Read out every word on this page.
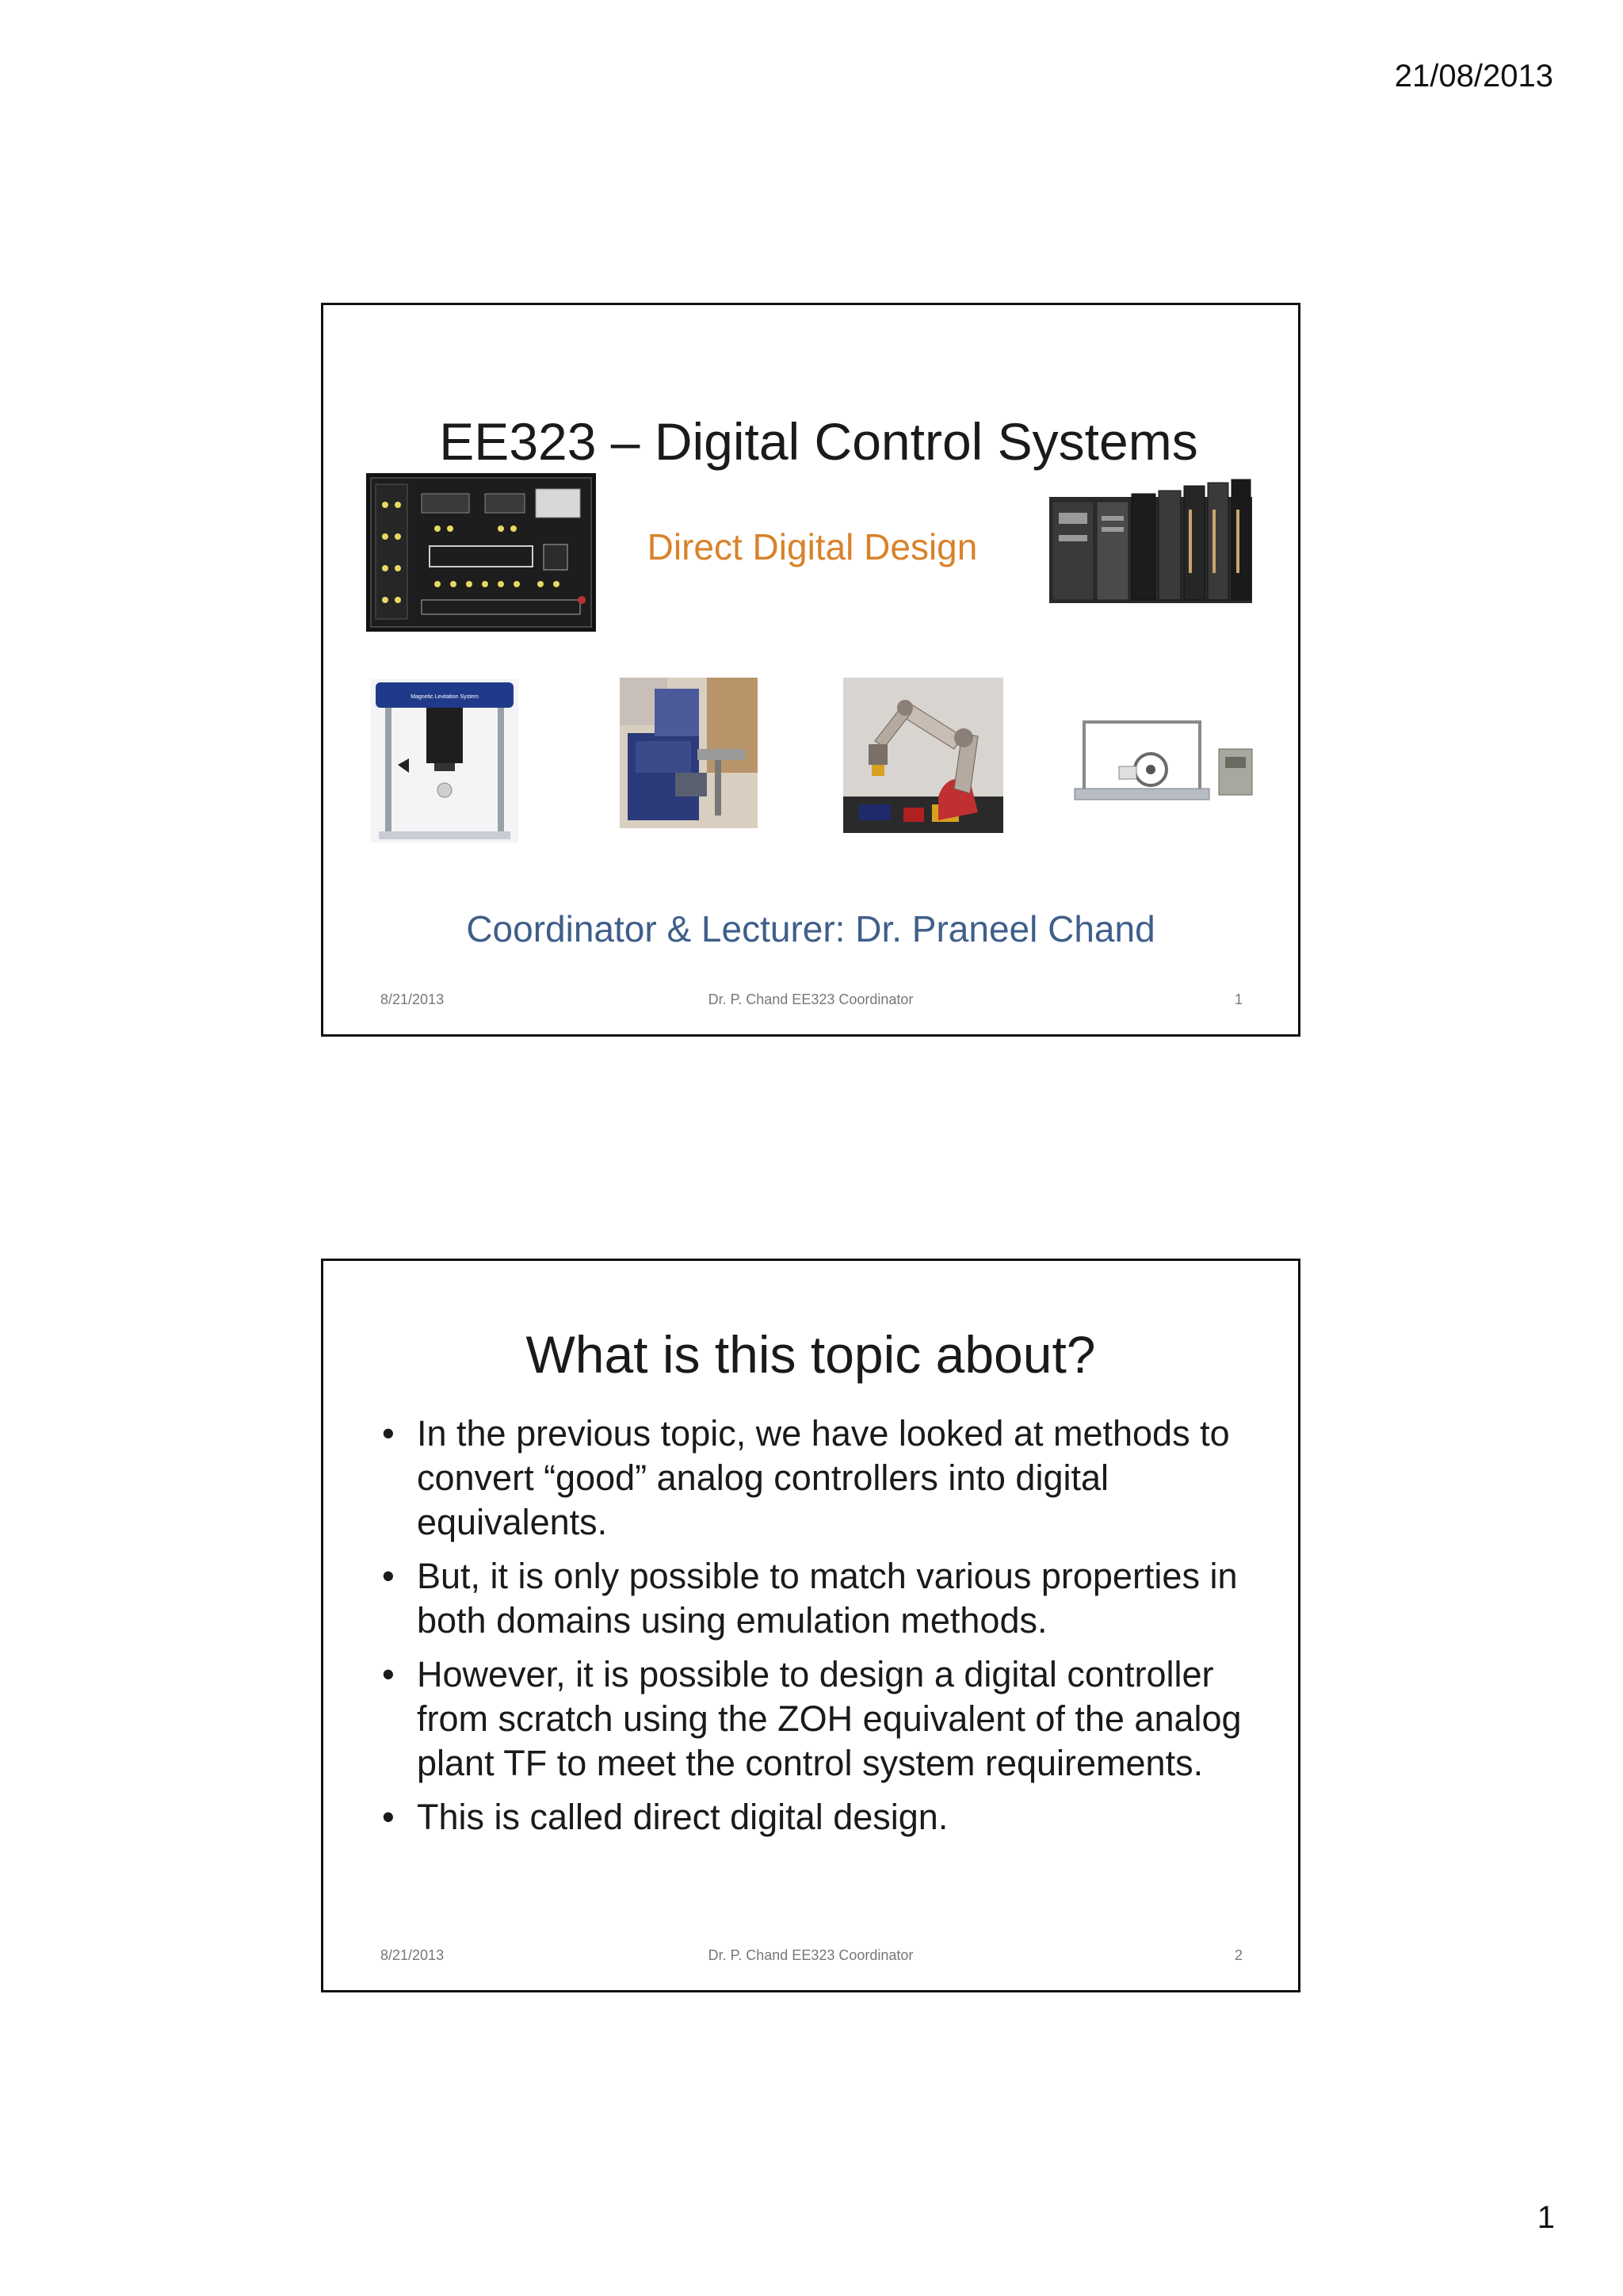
21/08/2013
EE323 – Digital Control Systems
Direct Digital Design
Magnetic Levitation System
Coordinator & Lecturer: Dr. Praneel Chand
8/21/2013	Dr. P. Chand EE323 Coordinator	1
What is this topic about?
• In the previous topic, we have looked at methods to convert “good” analog controllers into digital equivalents.
• But, it is only possible to match various properties in both domains using emulation methods.
• However, it is possible to design a digital controller from scratch using the ZOH equivalent of the analog plant TF to meet the control system requirements.
• This is called direct digital design.
8/21/2013	Dr. P. Chand EE323 Coordinator	2
1
